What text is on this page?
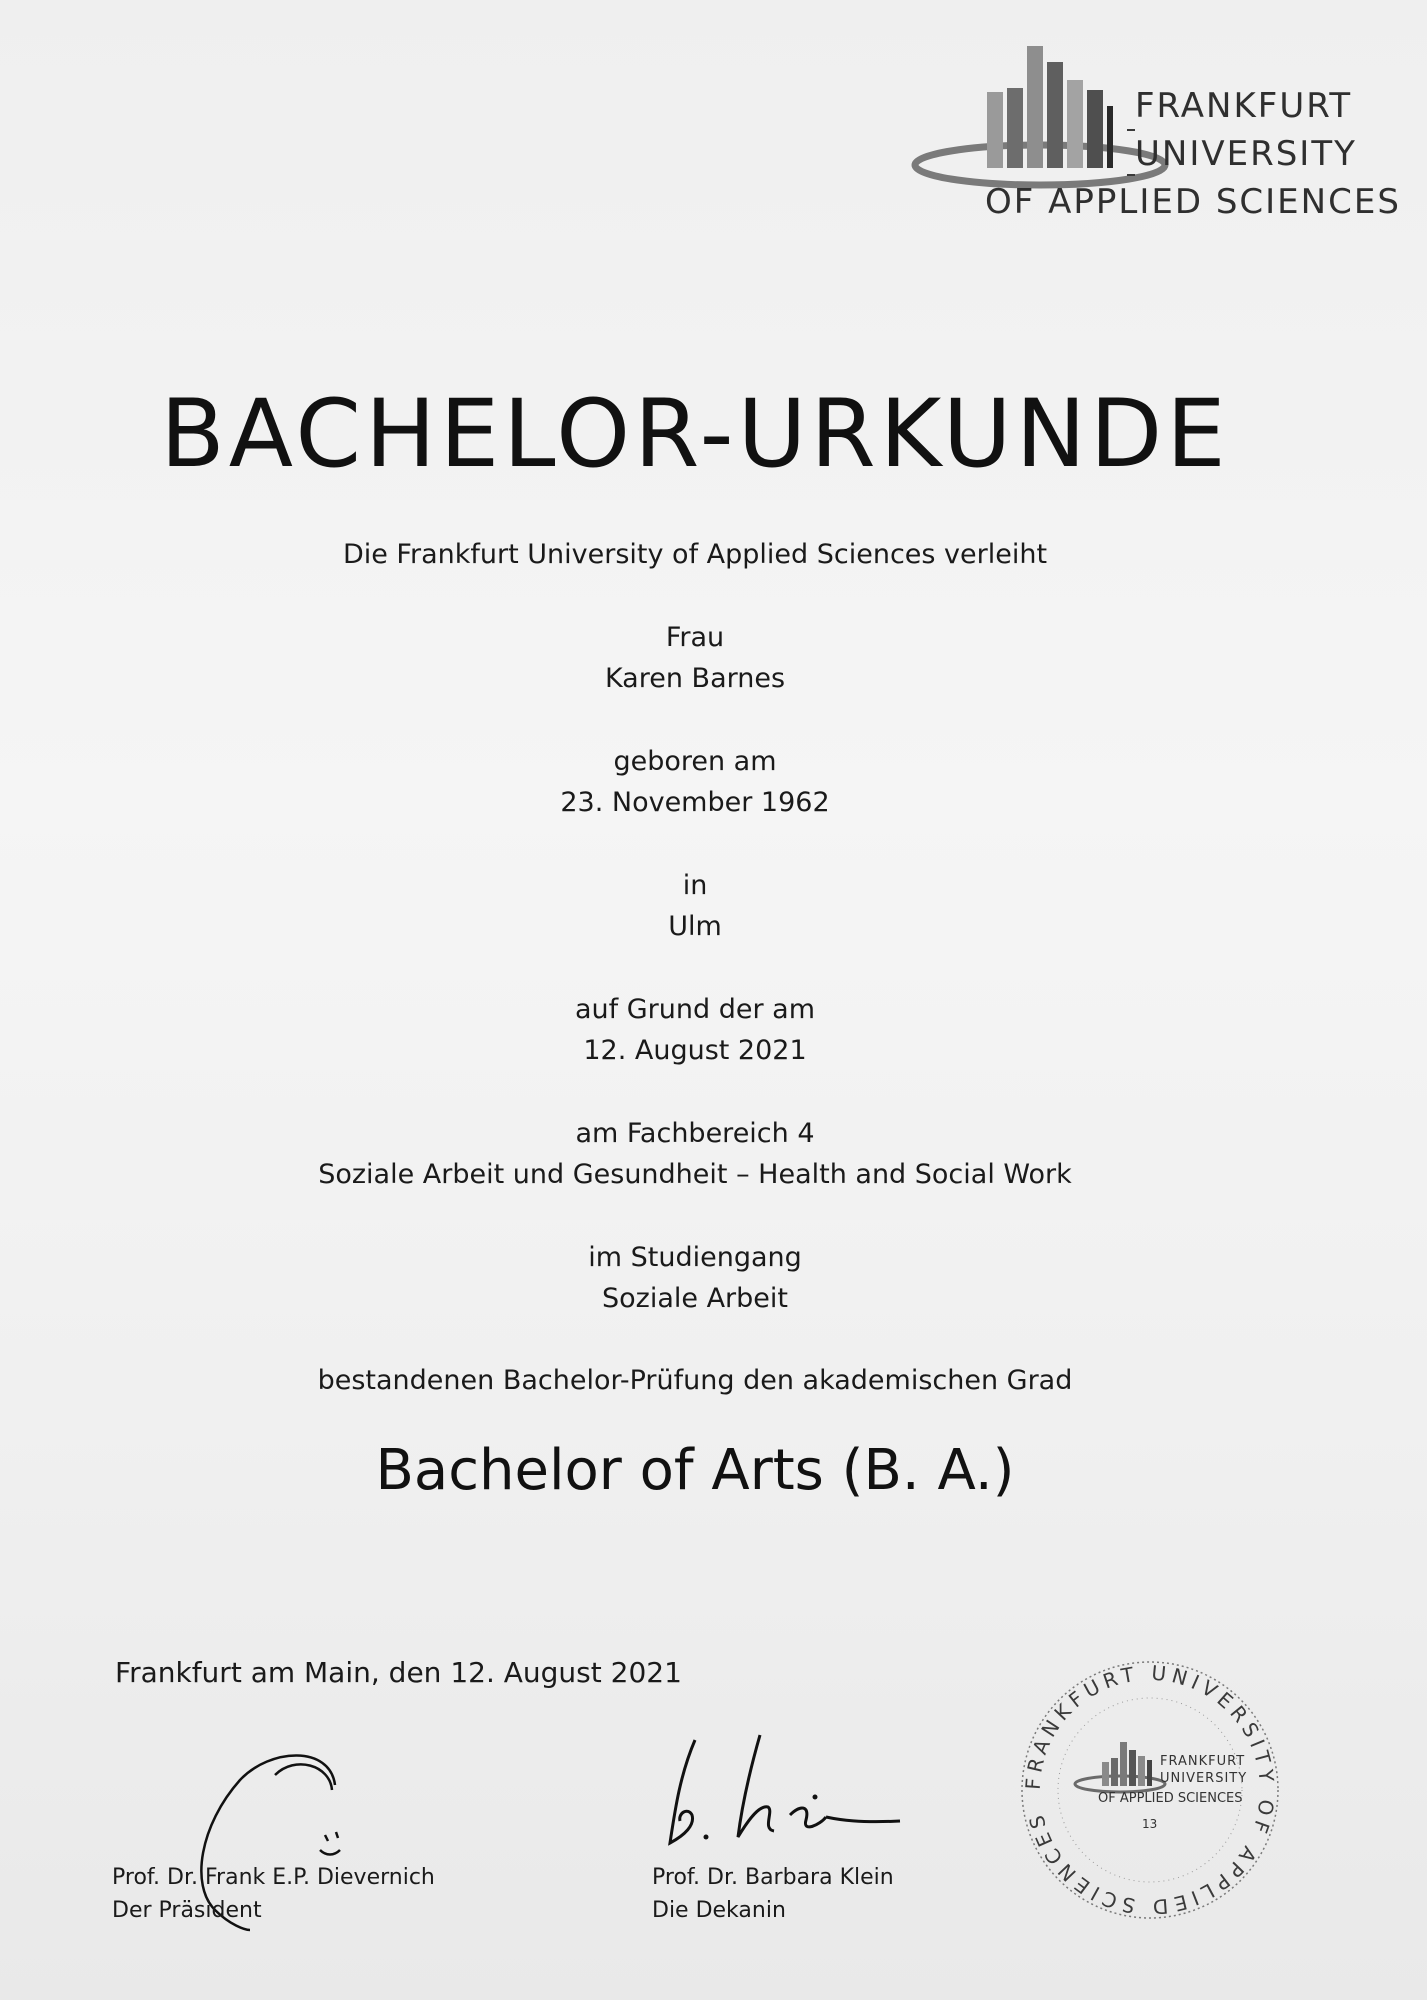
FRANKFURT
UNIVERSITY
OF APPLIED SCIENCES
BACHELOR-URKUNDE
Die Frankfurt University of Applied Sciences verleiht
Frau
Karen Barnes
geboren am
23. November 1962
in
Ulm
auf Grund der am
12. August 2021
am Fachbereich 4
Soziale Arbeit und Gesundheit – Health and Social Work
im Studiengang
Soziale Arbeit
bestandenen Bachelor-Prüfung den akademischen Grad
Bachelor of Arts (B. A.)
Frankfurt am Main, den 12. August 2021
Prof. Dr. Frank E.P. Dievernich
Der Präsident
Prof. Dr. Barbara Klein
Die Dekanin
FRANKFURT UNIVERSITY OF APPLIED SCIENCES
FRANKFURT
UNIVERSITY
OF APPLIED SCIENCES
13
